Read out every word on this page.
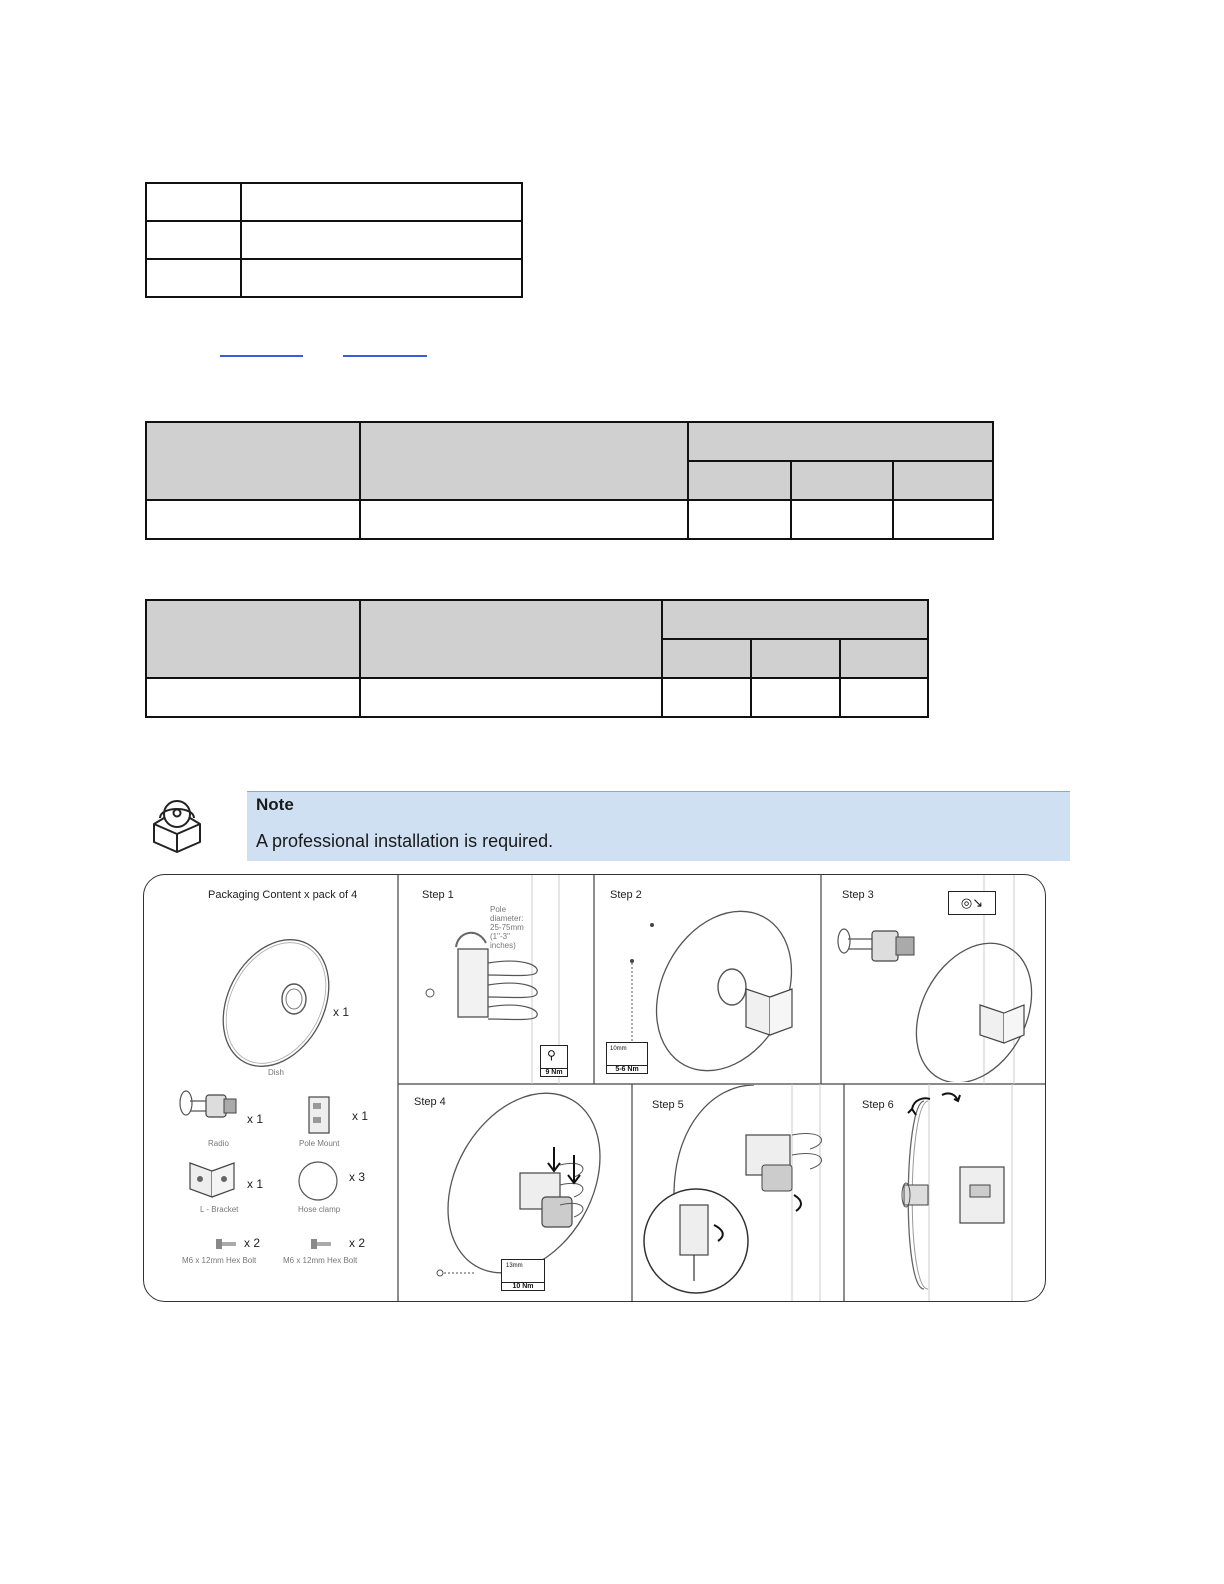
Note
A professional installation is required.
Packaging Content x pack of 4
x 1
Dish
x 1
Radio
x 1
Pole Mount
x 1
L - Bracket
x 3
Hose clamp
x 2
M6 x 12mm Hex Bolt
x 2
M6 x 12mm Hex Bolt
Step 1
Pole diameter: 25-75mm (1"-3" inches)
⚲
9 Nm
Step 2
10mm
5-6 Nm
Step 3	◎↘
Step 4
13mm
10 Nm
Step 5	Step 6
